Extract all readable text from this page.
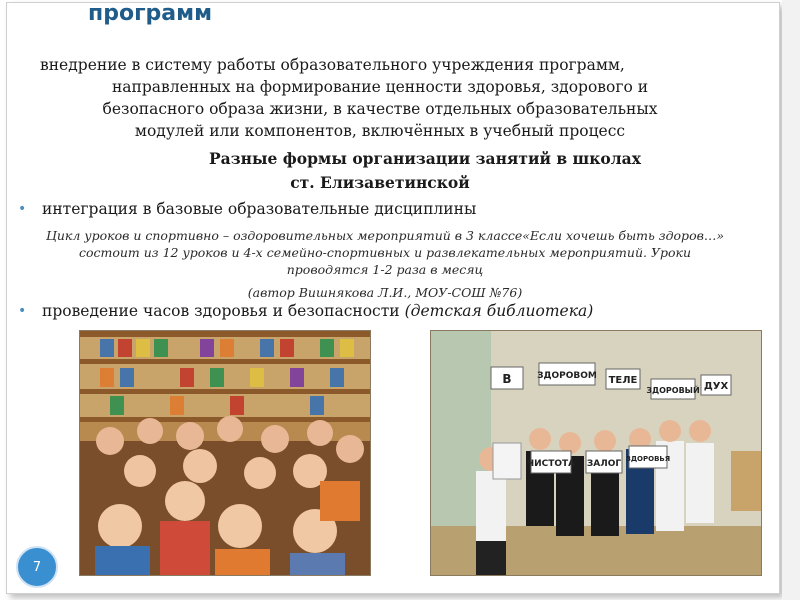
программ
внедрение в систему работы образовательного учреждения программ,
направленных на формирование ценности здоровья, здорового и
безопасного образа жизни, в качестве отдельных образовательных
модулей или компонентов, включённых в учебный процесс
Разные формы организации занятий в школах
ст. Елизаветинской
•	интеграция в базовые образовательные дисциплины
Цикл уроков и спортивно – оздоровительных мероприятий в 3 классе«Если хочешь быть здоров…»
состоит из 12 уроков и 4-х семейно-спортивных и развлекательных мероприятий. Уроки
проводятся 1-2 раза в месяц
(автор Вишнякова Л.И., МОУ-СОШ №76)
•	проведение часов здоровья и безопасности (детская библиотека)
В	ЗДОРОВОМ ТЕЛЕ
ЗДОРОВЫЙ ДУХ
ЧИСТОТА ЗАЛОГ ЗДОРОВЬЯ
7
